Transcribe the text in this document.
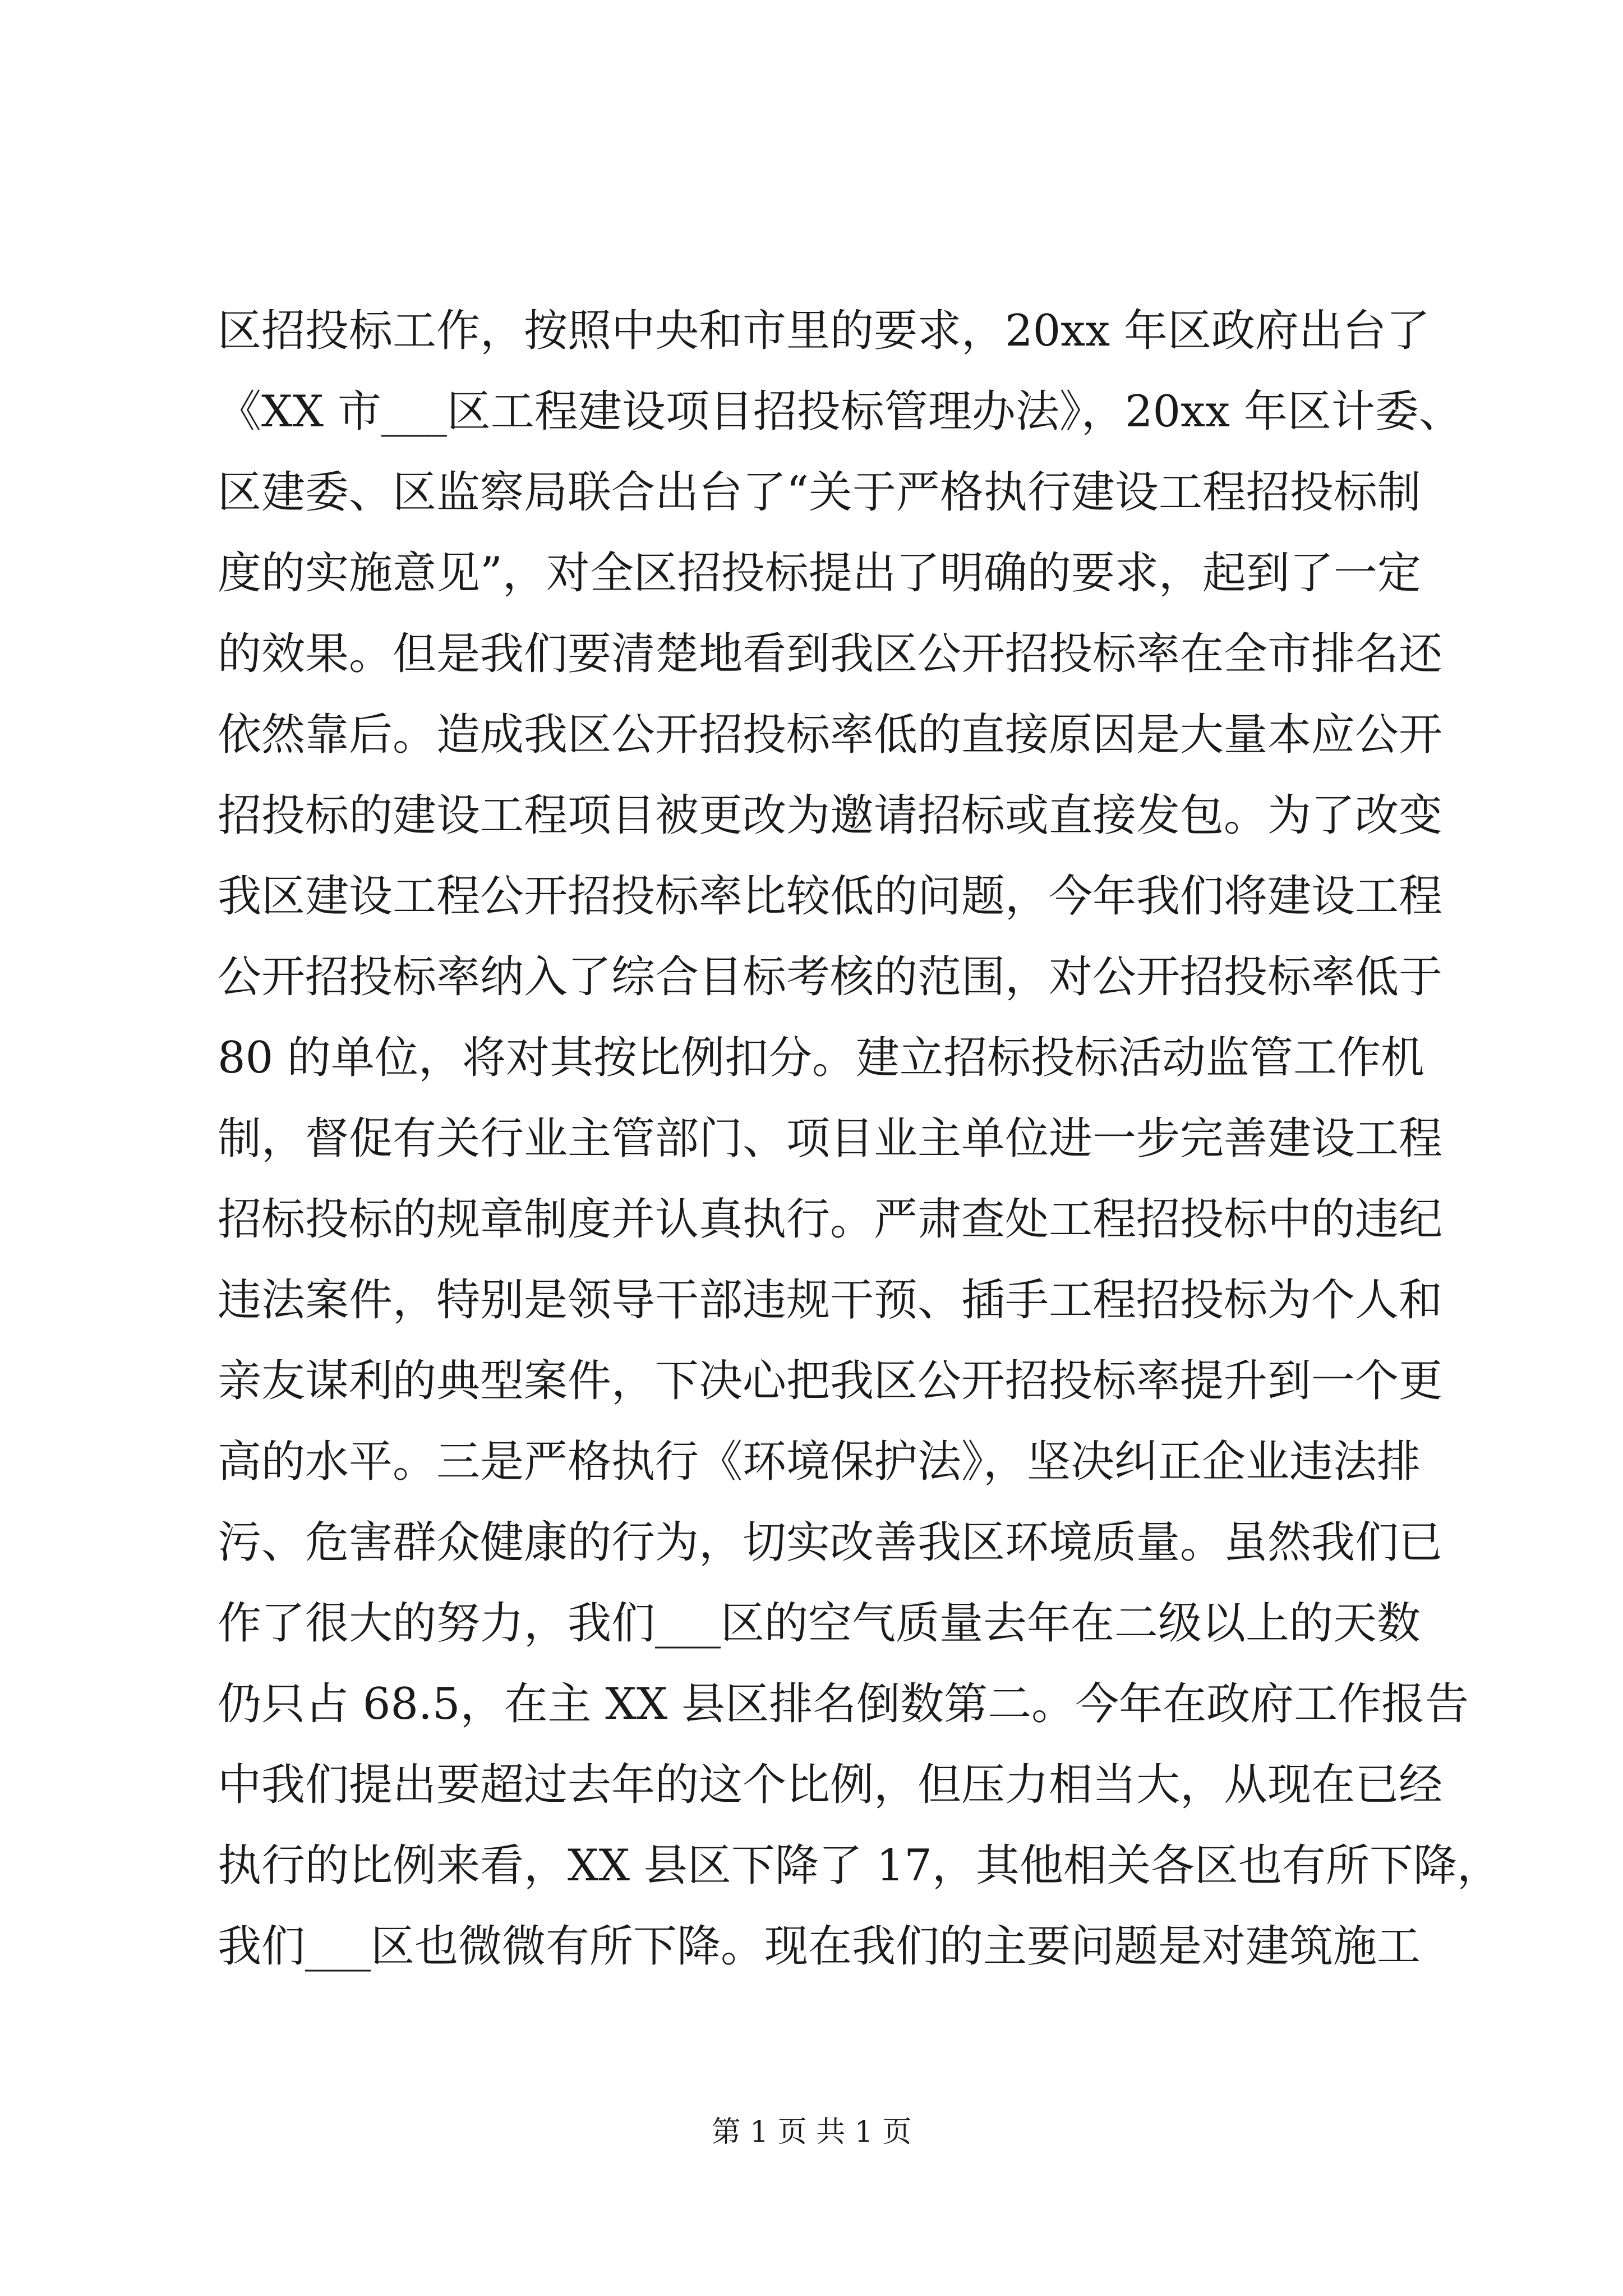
区招投标工作，按照中央和市里的要求，20xx 年区政府出台了
《XX 市___区工程建设项目招投标管理办法》，20xx 年区计委、
区建委、区监察局联合出台了“关于严格执行建设工程招投标制
度的实施意见”，对全区招投标提出了明确的要求，起到了一定
的效果。但是我们要清楚地看到我区公开招投标率在全市排名还
依然靠后。造成我区公开招投标率低的直接原因是大量本应公开
招投标的建设工程项目被更改为邀请招标或直接发包。为了改变
我区建设工程公开招投标率比较低的问题，今年我们将建设工程
公开招投标率纳入了综合目标考核的范围，对公开招投标率低于
80 的单位，将对其按比例扣分。建立招标投标活动监管工作机
制，督促有关行业主管部门、项目业主单位进一步完善建设工程
招标投标的规章制度并认真执行。严肃查处工程招投标中的违纪
违法案件，特别是领导干部违规干预、插手工程招投标为个人和
亲友谋利的典型案件，下决心把我区公开招投标率提升到一个更
高的水平。三是严格执行《环境保护法》，坚决纠正企业违法排
污、危害群众健康的行为，切实改善我区环境质量。虽然我们已
作了很大的努力，我们___区的空气质量去年在二级以上的天数
仍只占 68.5，在主 XX 县区排名倒数第二。今年在政府工作报告
中我们提出要超过去年的这个比例，但压力相当大，从现在已经
执行的比例来看，XX 县区下降了 17，其他相关各区也有所下降，
我们___区也微微有所下降。现在我们的主要问题是对建筑施工
第 1 页 共 1 页
